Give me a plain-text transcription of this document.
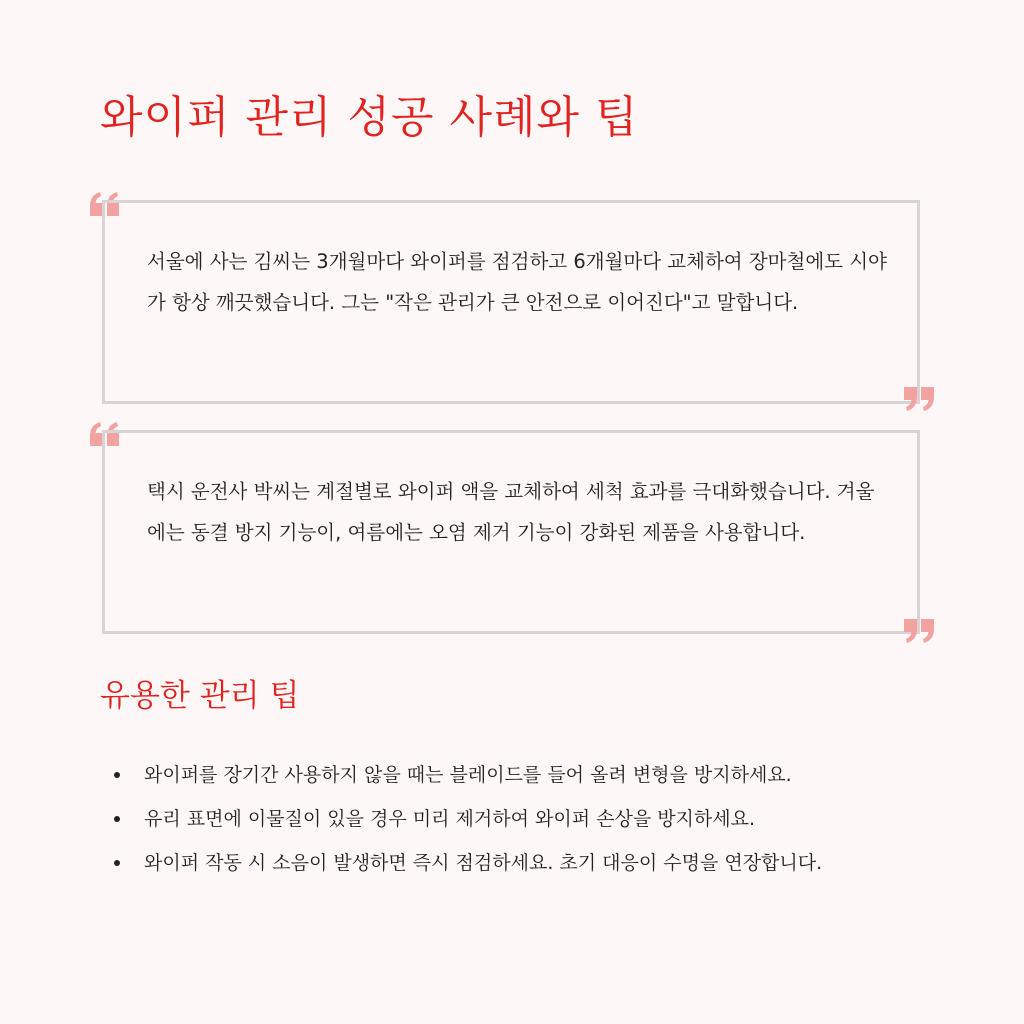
와이퍼 관리 성공 사례와 팁

서울에 사는 김씨는 3개월마다 와이퍼를 점검하고 6개월마다 교체하여 장마철에도 시야가 항상 깨끗했습니다. 그는 "작은 관리가 큰 안전으로 이어진다"고 말합니다.

택시 운전사 박씨는 계절별로 와이퍼 액을 교체하여 세척 효과를 극대화했습니다. 겨울에는 동결 방지 기능이, 여름에는 오염 제거 기능이 강화된 제품을 사용합니다.

유용한 관리 팁
와이퍼를 장기간 사용하지 않을 때는 블레이드를 들어 올려 변형을 방지하세요.
유리 표면에 이물질이 있을 경우 미리 제거하여 와이퍼 손상을 방지하세요.
와이퍼 작동 시 소음이 발생하면 즉시 점검하세요. 초기 대응이 수명을 연장합니다.
